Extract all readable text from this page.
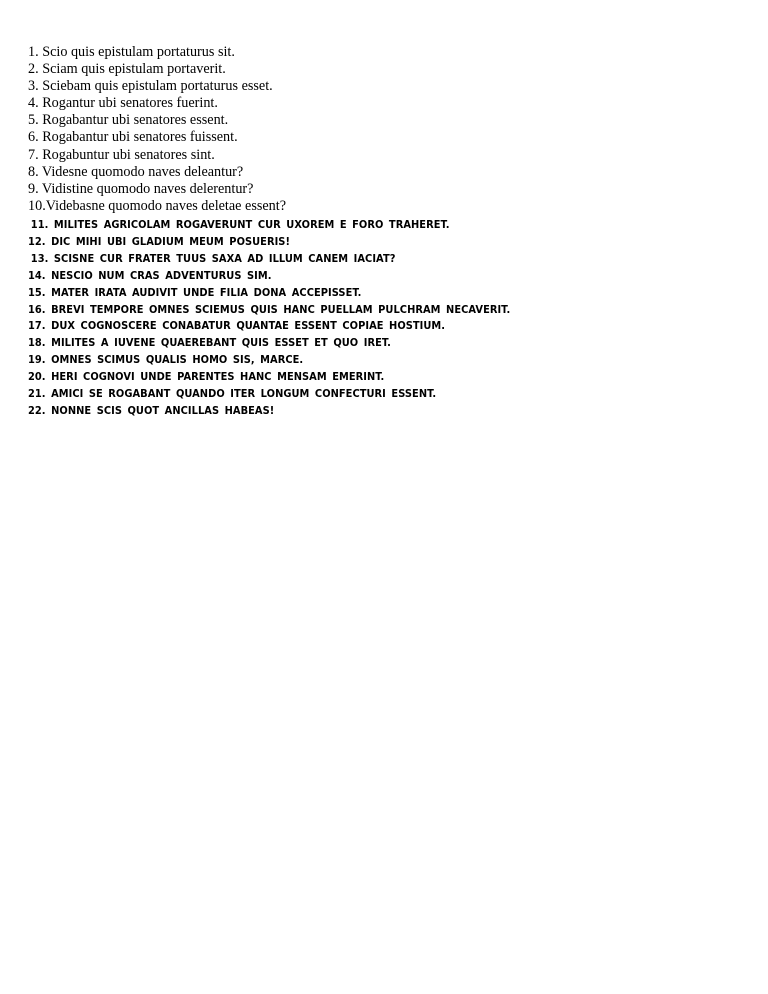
1. Scio quis epistulam portaturus sit.
2. Sciam quis epistulam portaverit.
3. Sciebam quis epistulam portaturus esset.
4. Rogantur ubi senatores fuerint.
5. Rogabantur ubi senatores essent.
6. Rogabantur ubi senatores fuissent.
7. Rogabuntur ubi senatores sint.
8. Videsne quomodo naves deleantur?
9. Vidistine quomodo naves delerentur?
10.Videbasne quomodo naves deletae essent?
11. MILITES AGRICOLAM ROGAVERUNT CUR UXOREM E FORO TRAHERET.
12. DIC MIHI UBI GLADIUM MEUM POSUERIS!
13. SCISNE CUR FRATER TUUS SAXA AD ILLUM CANEM IACIAT?
14. NESCIO NUM CRAS ADVENTURUS SIM.
15. MATER IRATA AUDIVIT UNDE FILIA DONA ACCEPISSET.
16. BREVI TEMPORE OMNES SCIEMUS QUIS HANC PUELLAM PULCHRAM NECAVERIT.
17. DUX COGNOSCERE CONABATUR QUANTAE ESSENT COPIAE HOSTIUM.
18. MILITES A IUVENE QUAEREBANT QUIS ESSET ET QUO IRET.
19. OMNES SCIMUS QUALIS HOMO SIS, MARCE.
20. HERI COGNOVI UNDE PARENTES HANC MENSAM EMERINT.
21. AMICI SE ROGABANT QUANDO ITER LONGUM CONFECTURI ESSENT.
22. NONNE SCIS QUOT ANCILLAS HABEAS!
